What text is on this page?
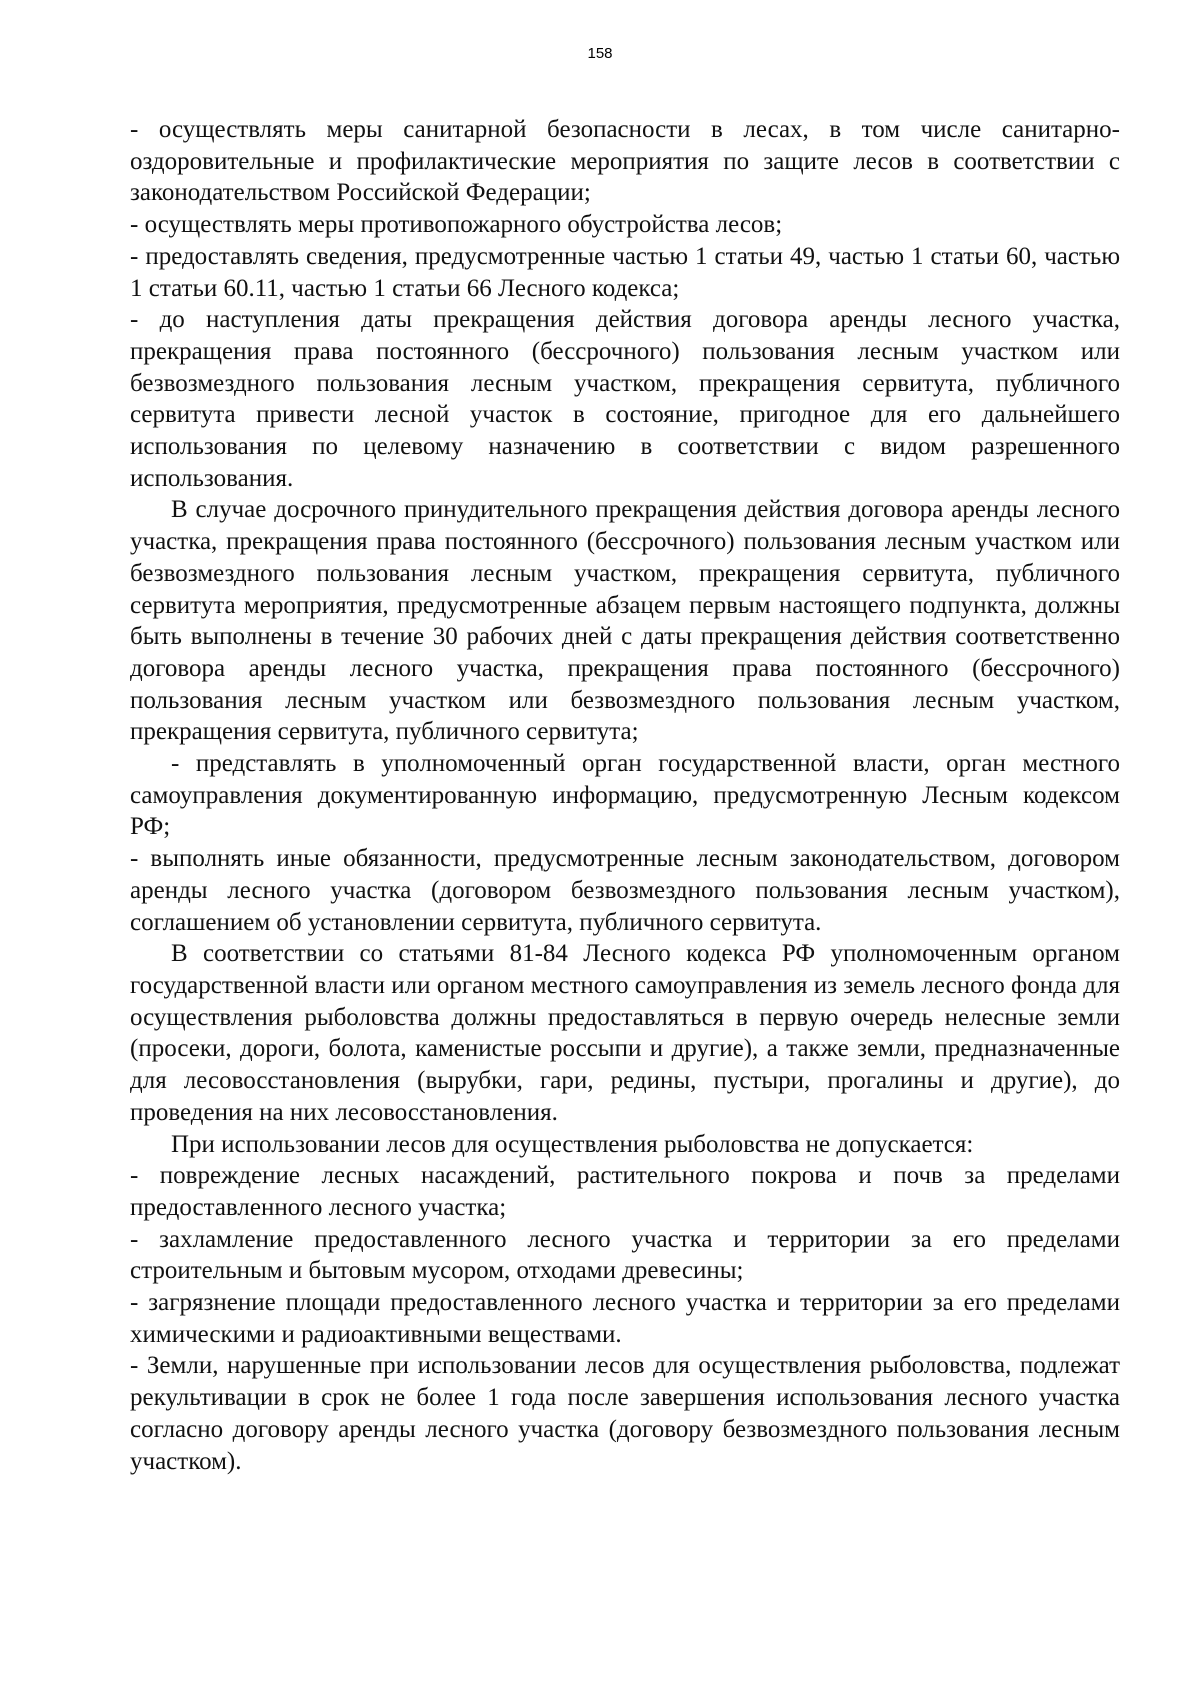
158

- осуществлять меры санитарной безопасности в лесах, в том числе санитарно-оздоровительные и профилактические мероприятия по защите лесов в соответствии с законодательством Российской Федерации;

- осуществлять меры противопожарного обустройства лесов;

- предоставлять сведения, предусмотренные частью 1 статьи 49, частью 1 статьи 60, частью 1 статьи 60.11, частью 1 статьи 66 Лесного кодекса;

- до наступления даты прекращения действия договора аренды лесного участка, прекращения права постоянного (бессрочного) пользования лесным участком или безвозмездного пользования лесным участком, прекращения сервитута, публичного сервитута привести лесной участок в состояние, пригодное для его дальнейшего использования по целевому назначению в соответствии с видом разрешенного использования.

В случае досрочного принудительного прекращения действия договора аренды лесного участка, прекращения права постоянного (бессрочного) пользования лесным участком или безвозмездного пользования лесным участком, прекращения сервитута, публичного сервитута мероприятия, предусмотренные абзацем первым настоящего подпункта, должны быть выполнены в течение 30 рабочих дней с даты прекращения действия соответственно договора аренды лесного участка, прекращения права постоянного (бессрочного) пользования лесным участком или безвозмездного пользования лесным участком, прекращения сервитута, публичного сервитута;

- представлять в уполномоченный орган государственной власти, орган местного самоуправления документированную информацию, предусмотренную Лесным кодексом РФ;

- выполнять иные обязанности, предусмотренные лесным законодательством, договором аренды лесного участка (договором безвозмездного пользования лесным участком), соглашением об установлении сервитута, публичного сервитута.

В соответствии со статьями 81-84 Лесного кодекса РФ уполномоченным органом государственной власти или органом местного самоуправления из земель лесного фонда для осуществления рыболовства должны предоставляться в первую очередь нелесные земли (просеки, дороги, болота, каменистые россыпи и другие), а также земли, предназначенные для лесовосстановления (вырубки, гари, редины, пустыри, прогалины и другие), до проведения на них лесовосстановления.

При использовании лесов для осуществления рыболовства не допускается:

- повреждение лесных насаждений, растительного покрова и почв за пределами предоставленного лесного участка;

- захламление предоставленного лесного участка и территории за его пределами строительным и бытовым мусором, отходами древесины;

- загрязнение площади предоставленного лесного участка и территории за его пределами химическими и радиоактивными веществами.

- Земли, нарушенные при использовании лесов для осуществления рыболовства, подлежат рекультивации в срок не более 1 года после завершения использования лесного участка согласно договору аренды лесного участка (договору безвозмездного пользования лесным участком).
